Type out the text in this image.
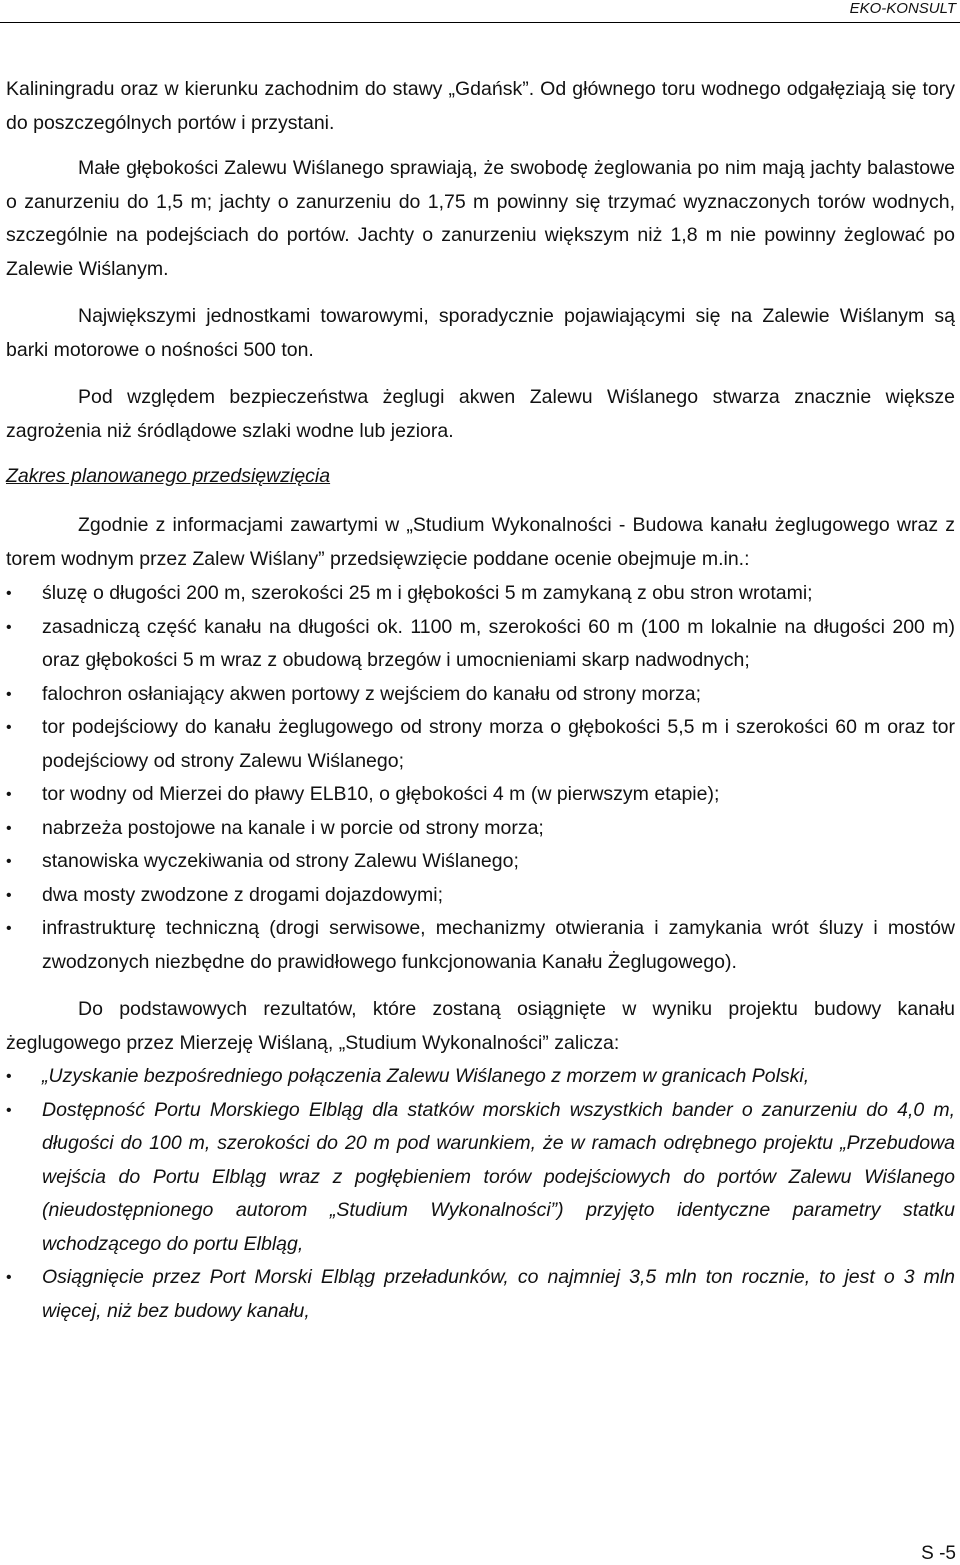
EKO-KONSULT

Kaliningradu oraz w kierunku zachodnim do stawy „Gdańsk”. Od głównego toru wodnego odgałęziają się tory do poszczególnych portów i przystani.

Małe głębokości Zalewu Wiślanego sprawiają, że swobodę żeglowania po nim mają jachty balastowe o zanurzeniu do 1,5 m; jachty o zanurzeniu do 1,75 m powinny się trzymać wyznaczonych torów wodnych, szczególnie na podejściach do portów. Jachty o zanurzeniu większym niż 1,8 m nie powinny żeglować po Zalewie Wiślanym.

Największymi jednostkami towarowymi, sporadycznie pojawiającymi się na Zalewie Wiślanym są barki motorowe o nośności 500 ton.

Pod względem bezpieczeństwa żeglugi akwen Zalewu Wiślanego stwarza znacznie większe zagrożenia niż śródlądowe szlaki wodne lub jeziora.

Zakres planowanego przedsięwzięcia

Zgodnie z informacjami zawartymi w „Studium Wykonalności - Budowa kanału żeglugowego wraz z torem wodnym przez Zalew Wiślany” przedsięwzięcie poddane ocenie obejmuje m.in.:

• śluzę o długości 200 m, szerokości 25 m i głębokości 5 m zamykaną z obu stron wrotami;
• zasadniczą część kanału na długości ok. 1100 m, szerokości 60 m (100 m lokalnie na długości 200 m) oraz głębokości 5 m wraz z obudową brzegów i umocnieniami skarp nadwodnych;
• falochron osłaniający akwen portowy z wejściem do kanału od strony morza;
• tor podejściowy do kanału żeglugowego od strony morza o głębokości 5,5 m i szerokości 60 m oraz tor podejściowy od strony Zalewu Wiślanego;
• tor wodny od Mierzei do pławy ELB10, o głębokości 4 m (w pierwszym etapie);
• nabrzeża postojowe na kanale i w porcie od strony morza;
• stanowiska wyczekiwania od strony Zalewu Wiślanego;
• dwa mosty zwodzone z drogami dojazdowymi;
• infrastrukturę techniczną (drogi serwisowe, mechanizmy otwierania i zamykania wrót śluzy i mostów zwodzonych niezbędne do prawidłowego funkcjonowania Kanału Żeglugowego).

Do podstawowych rezultatów, które zostaną osiągnięte w wyniku projektu budowy kanału żeglugowego przez Mierzeję Wiślaną, „Studium Wykonalności” zalicza:

• „Uzyskanie bezpośredniego połączenia Zalewu Wiślanego z morzem w granicach Polski,
• Dostępność Portu Morskiego Elbląg dla statków morskich wszystkich bander o zanurzeniu do 4,0 m, długości do 100 m, szerokości do 20 m pod warunkiem, że w ramach odrębnego projektu „Przebudowa wejścia do Portu Elbląg wraz z pogłębieniem torów podejściowych do portów Zalewu Wiślanego (nieudostępnionego autorom „Studium Wykonalności”) przyjęto identyczne parametry statku wchodzącego do portu Elbląg,
• Osiągnięcie przez Port Morski Elbląg przeładunków, co najmniej 3,5 mln ton rocznie, to jest o 3 mln więcej, niż bez budowy kanału,
S -5
